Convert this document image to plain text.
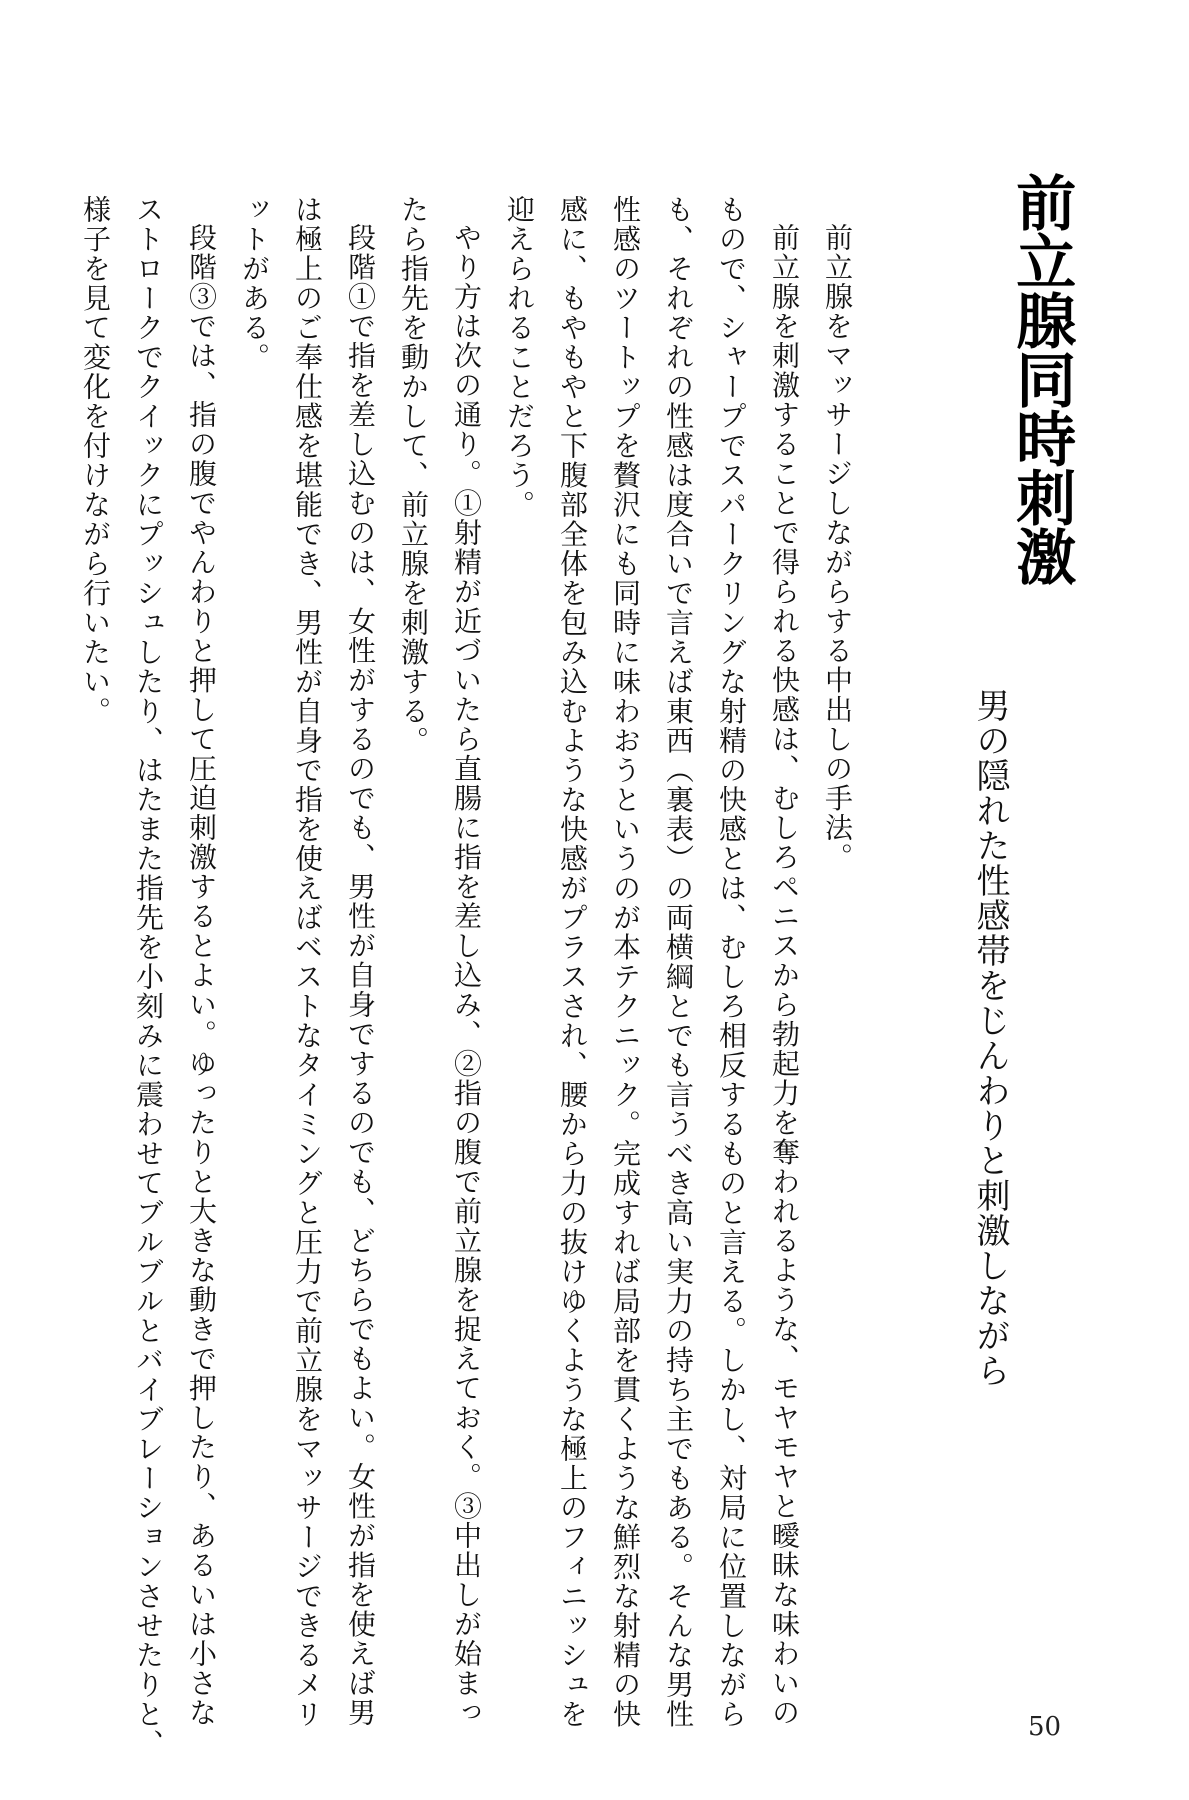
前立腺同時刺激
男の隠れた性感帯をじんわりと刺激しながら

前立腺をマッサージしながらする中出しの手法。

前立腺を刺激することで得られる快感は、むしろペニスから勃起力を奪われるような、モヤモヤと曖昧な味わいの

もので、シャープでスパークリングな射精の快感とは、むしろ相反するものと言える。しかし、対局に位置しながら

も、それぞれの性感は度合いで言えば東西（裏表）の両横綱とでも言うべき高い実力の持ち主でもある。そんな男性

性感のツートップを贅沢にも同時に味わおうというのが本テクニック。完成すれば局部を貫くような鮮烈な射精の快

感に、もやもやと下腹部全体を包み込むような快感がプラスされ、腰から力の抜けゆくような極上のフィニッシュを

迎えられることだろう。

やり方は次の通り。①射精が近づいたら直腸に指を差し込み、②指の腹で前立腺を捉えておく。③中出しが始まっ

たら指先を動かして、前立腺を刺激する。

段階①で指を差し込むのは、女性がするのでも、男性が自身でするのでも、どちらでもよい。女性が指を使えば男

は極上のご奉仕感を堪能でき、男性が自身で指を使えばベストなタイミングと圧力で前立腺をマッサージできるメリ

ットがある。

段階③では、指の腹でやんわりと押して圧迫刺激するとよい。ゆったりと大きな動きで押したり、あるいは小さな

ストロークでクイックにプッシュしたり、はたまた指先を小刻みに震わせてブルブルとバイブレーションさせたりと、

様子を見て変化を付けながら行いたい。

50
